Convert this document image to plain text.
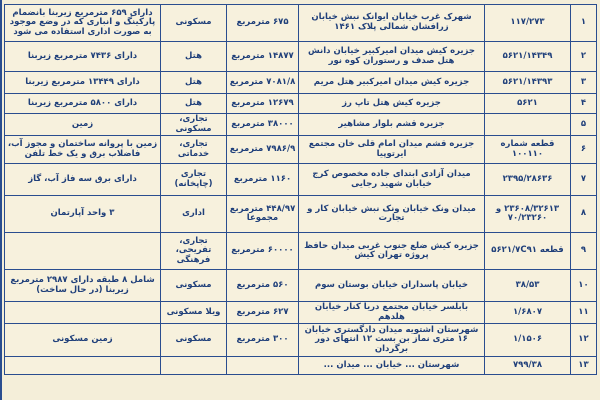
۱	۱۱۷/۲۷۳	شهرک غرب خیابان ایوانک نبش خیابان زرافشان شمالی پلاک ۱۴۶۱	۶۷۵ مترمربع	مسکونی	دارای ۶۵۹ مترمربع زیربنا بانضمام پارکینگ و انباری که در وضع موجود به صورت اداری استفاده می شود
۲	۵۶۲۱/۱۴۳۴۹	جزیره کیش میدان امیرکبیر خیابان دانش هتل صدف و رستوران کوه نور	۱۴۸۷۷ مترمربع	هتل	دارای ۷۴۳۶ مترمربع زیربنا
۳	۵۶۲۱/۱۴۳۹۳	جزیره کیش میدان امیرکبیر هتل مریم	۷۰۸۱/۸ مترمربع	هتل	دارای ۱۳۴۴۹ مترمربع زیربنا
۴	۵۶۲۱	جزیره کیش هتل تاپ رز	۱۲۶۷۹ مترمربع	هتل	دارای ۵۸۰۰ مترمربع زیربنا
۵		جزیره قشم بلوار مشاهیر	۳۸۰۰۰ مترمربع	تجاری، مسکونی	زمین
۶	قطعه شماره ۱۰۰۱۱۰	جزیره قشم میدان امام قلی خان مجتمع ایرتوپیا	۷۹۸۶/۹ مترمربع	تجاری، خدماتی	زمین با پروانه ساختمان و مجوز آب، فاضلاب برق و یک خط تلفن
۷	۲۳۹۵/۲۸۶۳۶	میدان آزادی ابتدای جاده مخصوص کرج خیابان شهید رجایی	۱۱۶۰ مترمربع	تجاری (چاپخانه)	دارای برق سه فاز آب، گاز
۸	۲۳۶۰۸/۳۲۶۱۳ و ۷۰/۲۳۲۶۰	میدان ونک خیابان ونک نبش خیابان کار و تجارت	۴۴۸/۹۷ مترمربع مجموعا	اداری	۳ واحد آپارتمان
۹	قطعه ۵۶۲۱/۷C۹۱	جزیره کیش ضلع جنوب غربی میدان حافظ پروژه تهران کیش	۶۰۰۰۰ مترمربع	تجاری، تفریحی، فرهنگی	
۱۰	۳۸/۵۳	خیابان پاسداران خیابان بوستان سوم	۵۶۰ مترمربع	مسکونی	شامل ۸ طبقه دارای ۲۹۸۷ مترمربع زیربنا (در حال ساخت)
۱۱	۱/۶۸۰۷	بابلسر خیابان مجتمع دریا کنار خیابان هلدهم	۶۲۷ مترمربع	ویلا مسکونی	
۱۲	۱/۱۵۰۶	شهرستان اشتویه میدان دادگستری خیابان ۱۶ متری نماز بن بست ۱۲ انتهای دور برگردان	۳۰۰ مترمربع	مسکونی	زمین مسکونی
۱۳	۷۹۹/۳۸	شهرستان ... خیابان ... میدان ...			
